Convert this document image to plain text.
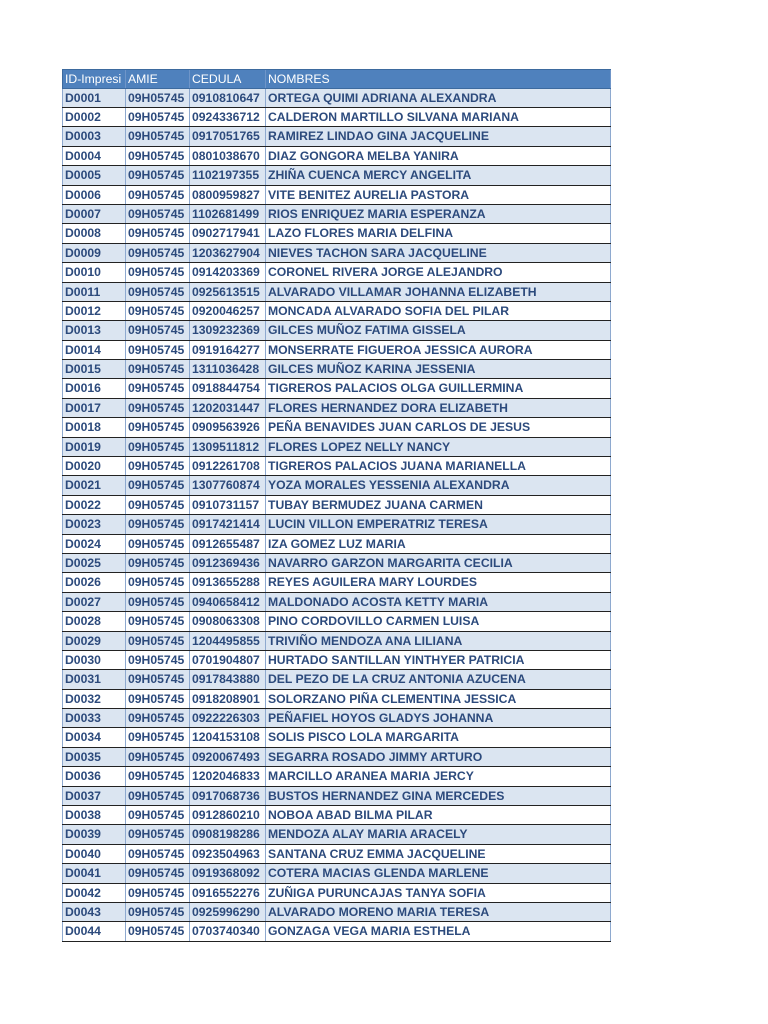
ID-Impresi AMIE	CEDULA	NOMBRES
D0001	09H05745 0910810647 ORTEGA QUIMI ADRIANA ALEXANDRA
D0002	09H05745 0924336712 CALDERON MARTILLO SILVANA MARIANA
D0003	09H05745 0917051765 RAMIREZ LINDAO GINA JACQUELINE
D0004	09H05745 0801038670 DIAZ GONGORA MELBA YANIRA
D0005	09H05745 1102197355 ZHIÑA CUENCA MERCY ANGELITA
D0006	09H05745 0800959827 VITE BENITEZ AURELIA PASTORA
D0007	09H05745 1102681499 RIOS ENRIQUEZ MARIA ESPERANZA
D0008	09H05745 0902717941 LAZO FLORES MARIA DELFINA
D0009	09H05745 1203627904 NIEVES TACHON SARA JACQUELINE
D0010	09H05745 0914203369 CORONEL RIVERA JORGE ALEJANDRO
D0011	09H05745 0925613515 ALVARADO VILLAMAR JOHANNA ELIZABETH
D0012	09H05745 0920046257 MONCADA ALVARADO SOFIA DEL PILAR
D0013	09H05745 1309232369 GILCES MUÑOZ FATIMA GISSELA
D0014	09H05745 0919164277 MONSERRATE FIGUEROA JESSICA AURORA
D0015	09H05745 1311036428 GILCES MUÑOZ KARINA JESSENIA
D0016	09H05745 0918844754 TIGREROS PALACIOS OLGA GUILLERMINA
D0017	09H05745 1202031447 FLORES HERNANDEZ DORA ELIZABETH
D0018	09H05745 0909563926 PEÑA BENAVIDES JUAN CARLOS DE JESUS
D0019	09H05745 1309511812 FLORES LOPEZ NELLY NANCY
D0020	09H05745 0912261708 TIGREROS PALACIOS JUANA MARIANELLA
D0021	09H05745 1307760874 YOZA MORALES YESSENIA ALEXANDRA
D0022	09H05745 0910731157 TUBAY BERMUDEZ JUANA CARMEN
D0023	09H05745 0917421414 LUCIN VILLON EMPERATRIZ TERESA
D0024	09H05745 0912655487 IZA GOMEZ LUZ MARIA
D0025	09H05745 0912369436 NAVARRO GARZON MARGARITA CECILIA
D0026	09H05745 0913655288 REYES AGUILERA MARY LOURDES
D0027	09H05745 0940658412 MALDONADO ACOSTA KETTY MARIA
D0028	09H05745 0908063308 PINO CORDOVILLO CARMEN LUISA
D0029	09H05745 1204495855 TRIVIÑO MENDOZA ANA LILIANA
D0030	09H05745 0701904807 HURTADO SANTILLAN YINTHYER PATRICIA
D0031	09H05745 0917843880 DEL PEZO DE LA CRUZ ANTONIA AZUCENA
D0032	09H05745 0918208901 SOLORZANO PIÑA CLEMENTINA JESSICA
D0033	09H05745 0922226303 PEÑAFIEL HOYOS GLADYS JOHANNA
D0034	09H05745 1204153108 SOLIS PISCO LOLA MARGARITA
D0035	09H05745 0920067493 SEGARRA ROSADO JIMMY ARTURO
D0036	09H05745 1202046833 MARCILLO ARANEA MARIA JERCY
D0037	09H05745 0917068736 BUSTOS HERNANDEZ GINA MERCEDES
D0038	09H05745 0912860210 NOBOA ABAD BILMA PILAR
D0039	09H05745 0908198286 MENDOZA ALAY MARIA ARACELY
D0040	09H05745 0923504963 SANTANA CRUZ EMMA JACQUELINE
D0041	09H05745 0919368092 COTERA MACIAS GLENDA MARLENE
D0042	09H05745 0916552276 ZUÑIGA PURUNCAJAS TANYA SOFIA
D0043	09H05745 0925996290 ALVARADO MORENO MARIA TERESA
D0044	09H05745 0703740340 GONZAGA VEGA MARIA ESTHELA
